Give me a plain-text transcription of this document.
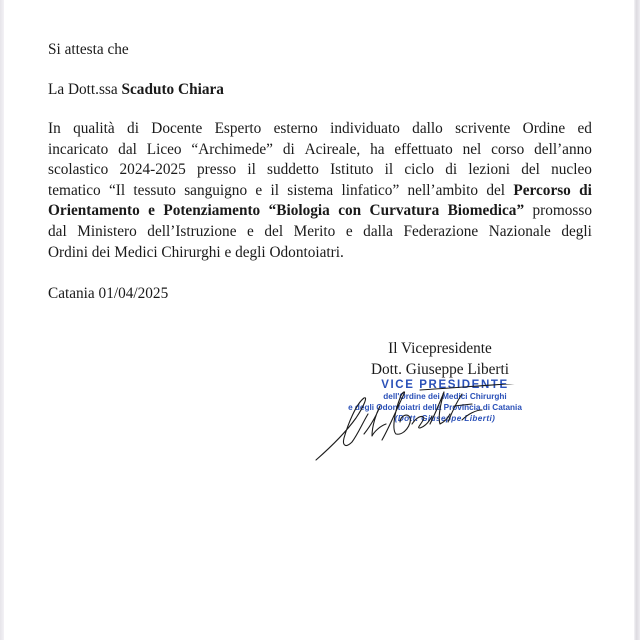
Si attesta che
La Dott.ssa Scaduto Chiara
In qualità di Docente Esperto esterno individuato dallo scrivente Ordine ed
incaricato dal Liceo “Archimede” di Acireale, ha effettuato nel corso dell’anno
scolastico 2024-2025 presso il suddetto Istituto il ciclo di lezioni del nucleo
tematico “Il tessuto sanguigno e il sistema linfatico” nell’ambito del Percorso di
Orientamento e Potenziamento “Biologia con Curvatura Biomedica” promosso
dal Ministero dell’Istruzione e del Merito e dalla Federazione Nazionale degli
Ordini dei Medici Chirurghi e degli Odontoiatri.
Catania 01/04/2025
Il Vicepresidente
Dott. Giuseppe Liberti
VICE PRESIDENTE
dell'Ordine dei Medici Chirurghi
e degli Odontoiatri della Provincia di Catania
(Dott. Giuseppe Liberti)
